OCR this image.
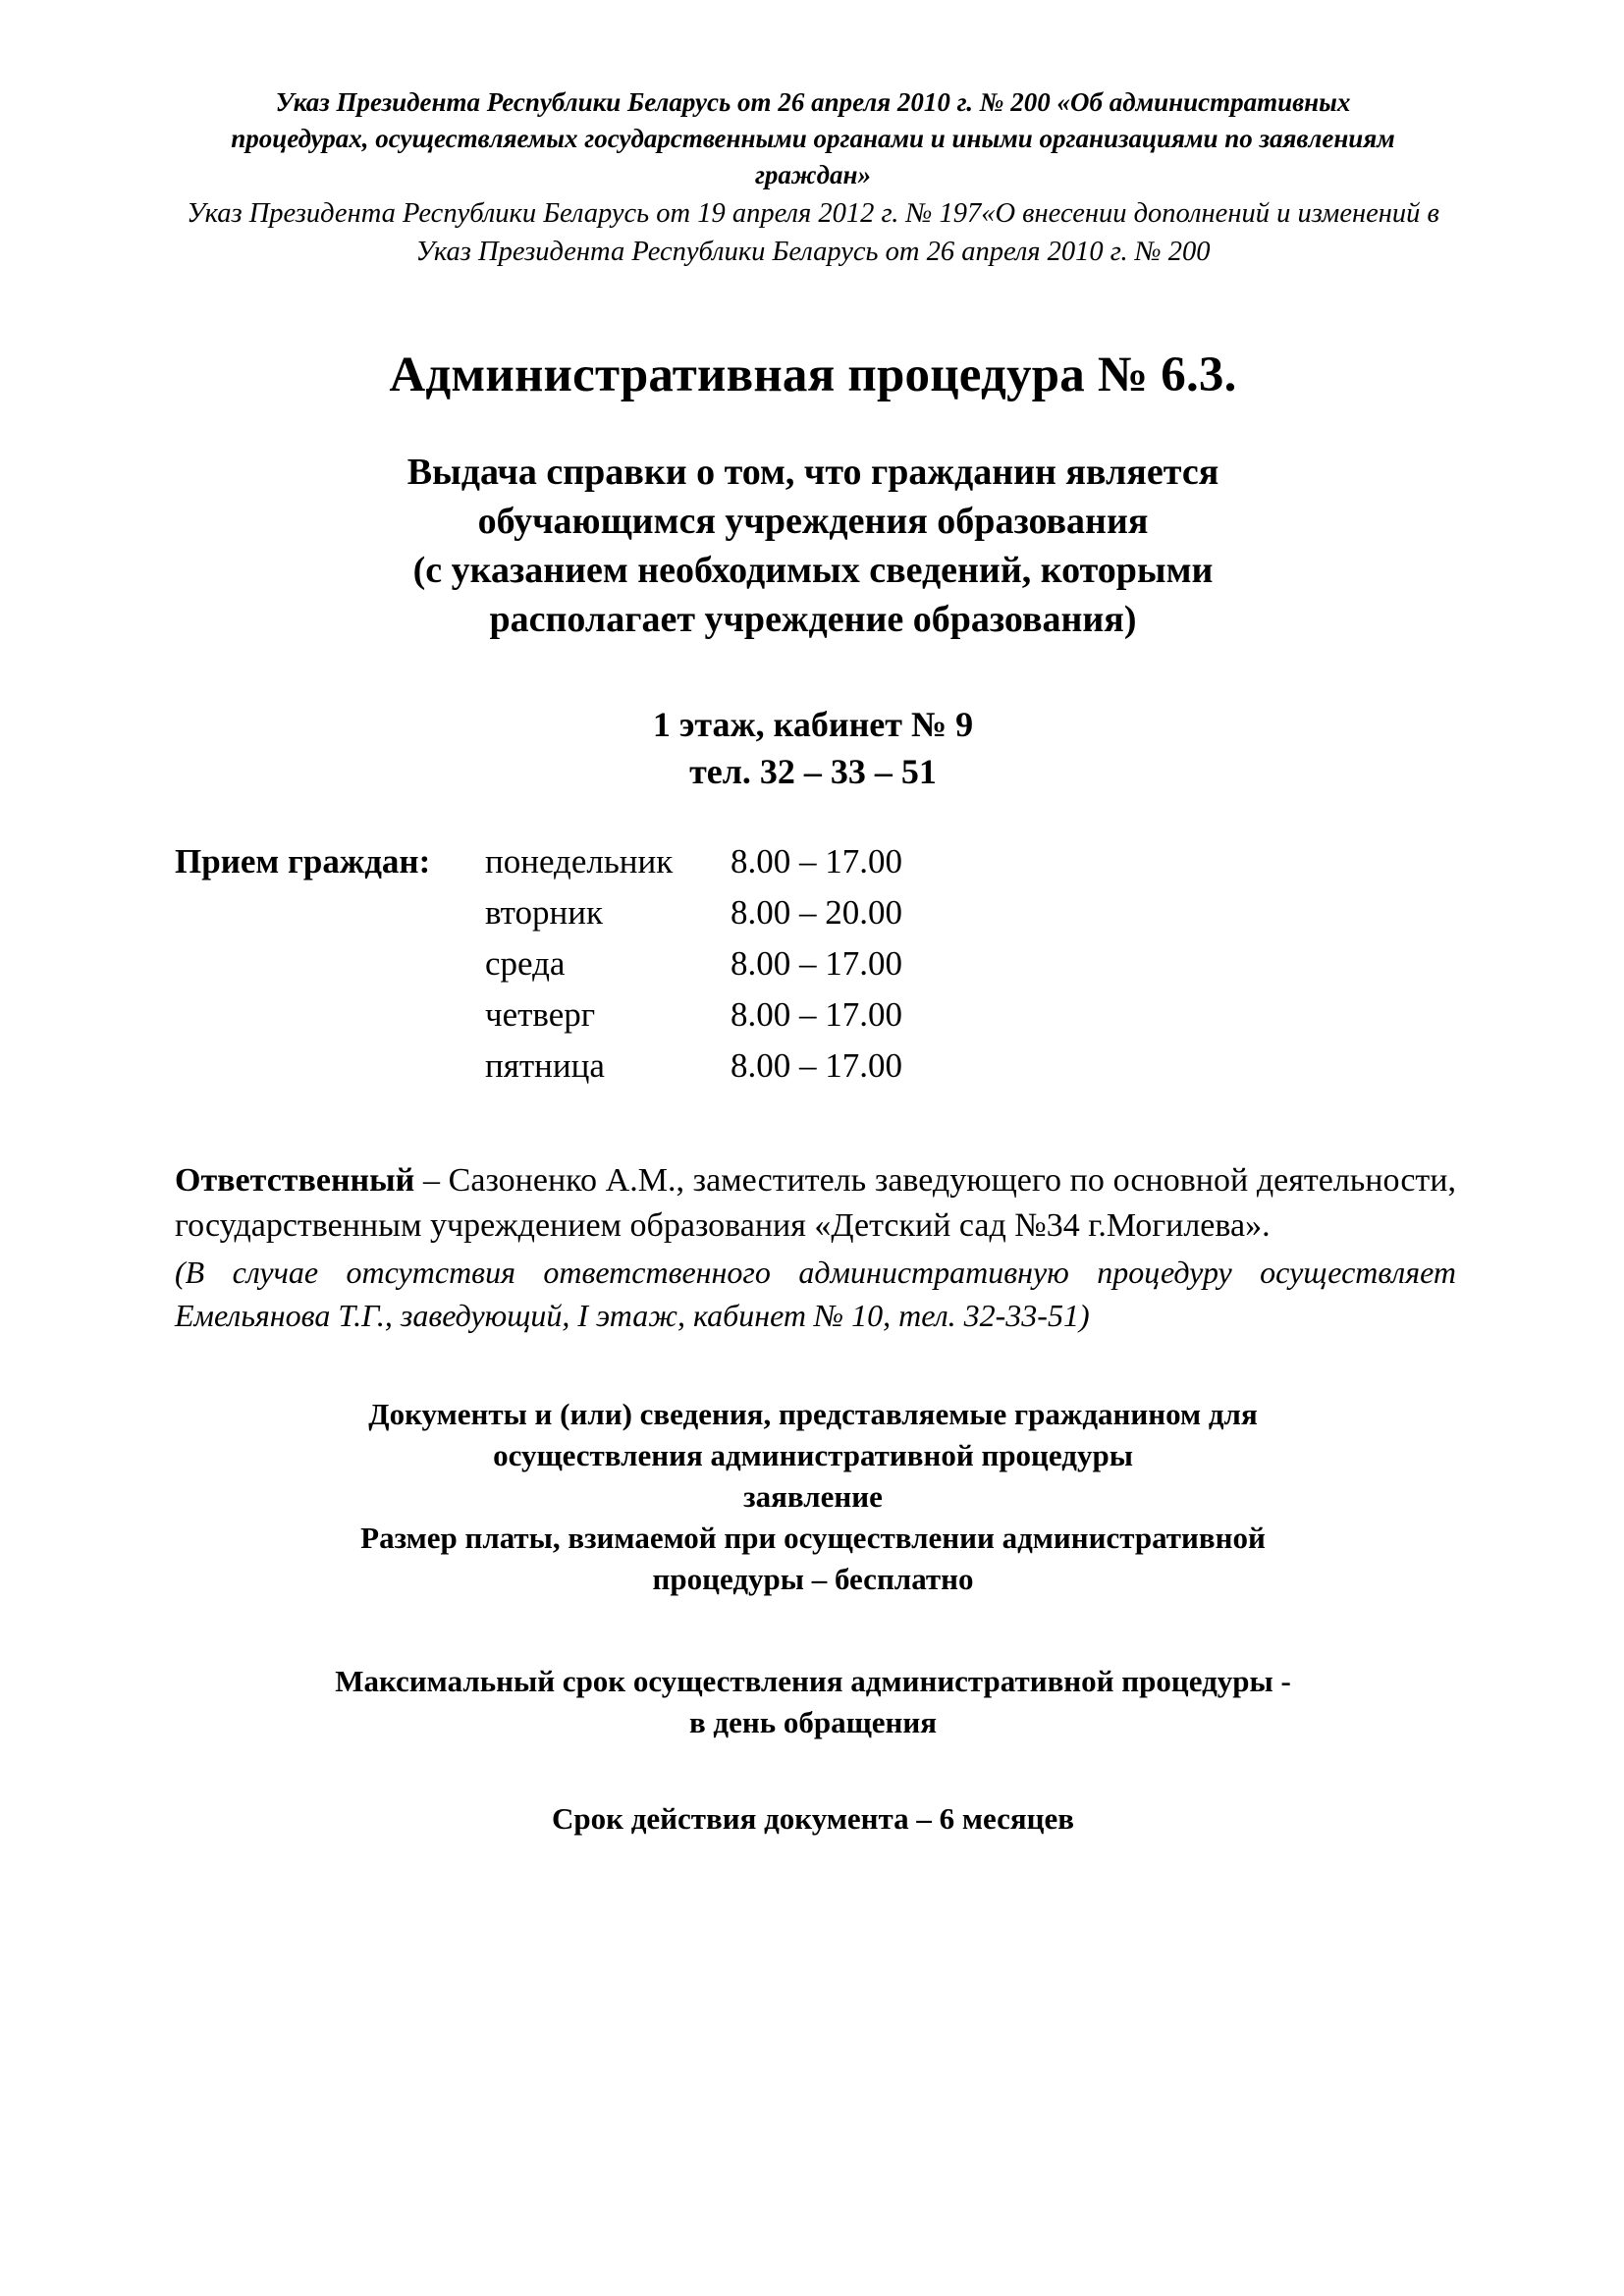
Указ Президента Республики Беларусь от 26 апреля 2010 г. № 200 «Об административных процедурах, осуществляемых государственными органами и иными организациями по заявлениям граждан»
Указ Президента Республики Беларусь от 19 апреля 2012 г. № 197«О внесении дополнений и изменений в Указ Президента Республики Беларусь от 26 апреля 2010 г. № 200
Административная процедура № 6.3.
Выдача справки о том, что гражданин является
обучающимся учреждения образования
(с указанием необходимых сведений, которыми
располагает учреждение образования)
1 этаж, кабинет № 9
тел. 32 – 33 – 51
Прием граждан:	понедельник	8.00 – 17.00
	вторник	8.00 – 20.00
	среда	8.00 – 17.00
	четверг	8.00 – 17.00
	пятница	8.00 – 17.00
Ответственный – Сазоненко А.М., заместитель заведующего по основной деятельности, государственным учреждением образования «Детский сад №34 г.Могилева».
(В случае отсутствия ответственного административную процедуру осуществляет Емельянова Т.Г., заведующий, I этаж, кабинет № 10, тел. 32-33-51)
Документы и (или) сведения, представляемые гражданином для
осуществления административной процедуры
заявление
Размер платы, взимаемой при осуществлении административной
процедуры – бесплатно
Максимальный срок осуществления административной процедуры -
в день обращения
Срок действия документа – 6 месяцев
